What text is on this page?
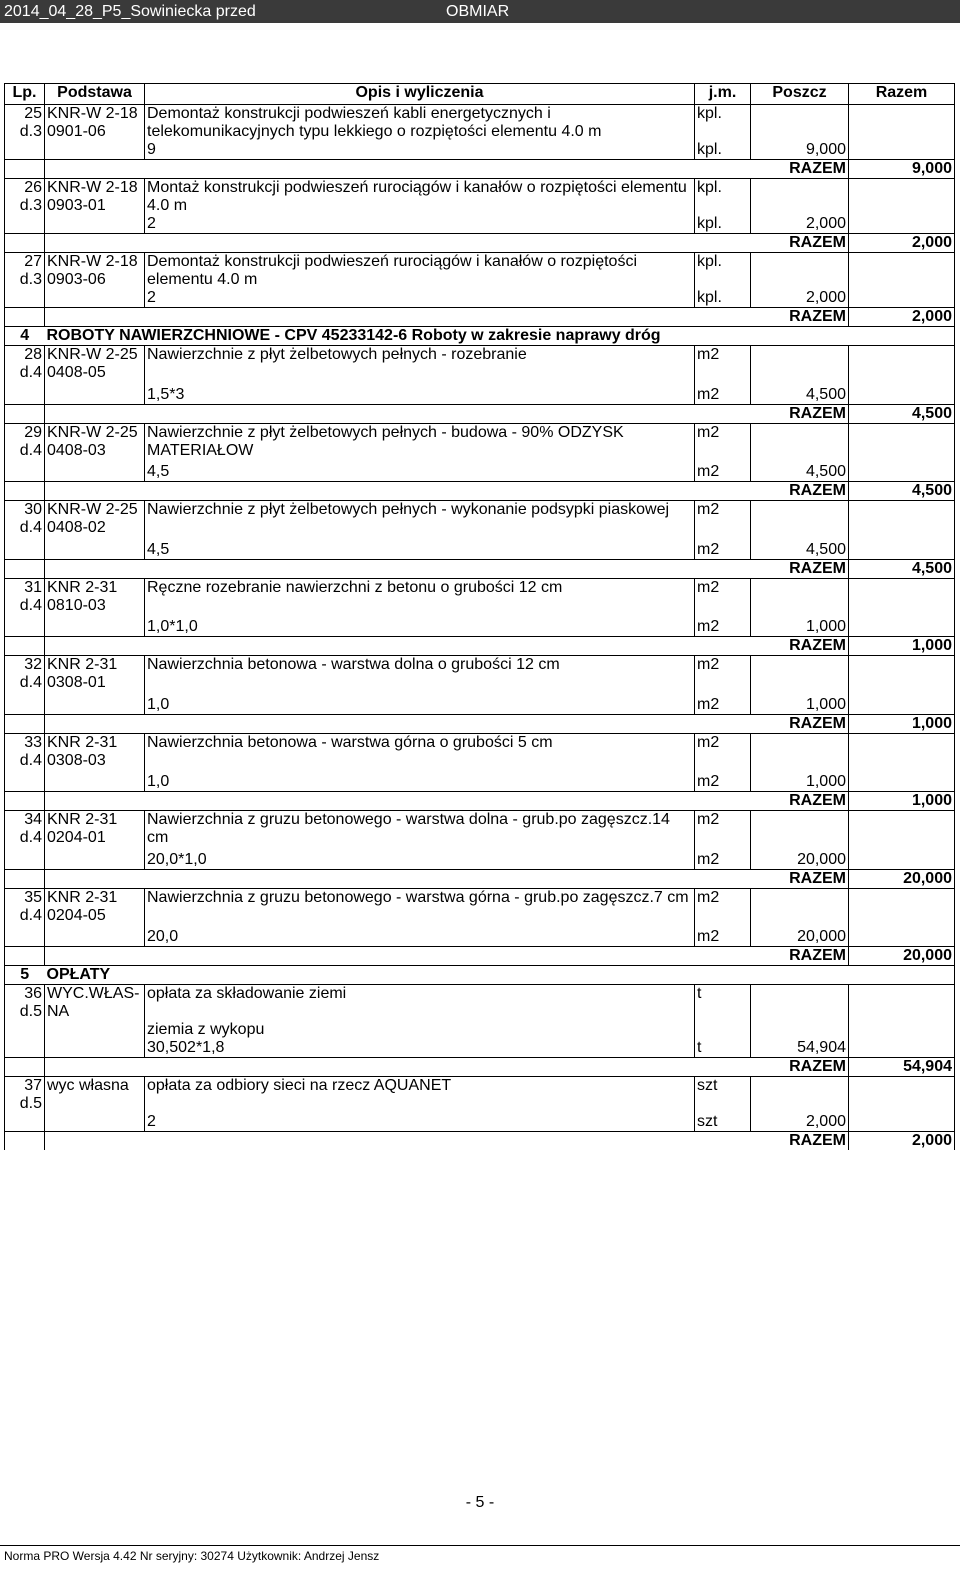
2014_04_28_P5_Sowiniecka przed	OBMIAR
Lp.	Podstawa	Opis i wyliczenia	j.m.	Poszcz	Razem
25	KNR-W 2-18	Demontaż konstrukcji podwieszeń kabli energetycznych i telekomunikacyjnych typu lekkiego o rozpiętości elementu 4.0 m	kpl.		
d.3	0901-06				
		9	kpl.	9,000	
		RAZEM			9,000
26	KNR-W 2-18	Montaż konstrukcji podwieszeń rurociągów i kanałów o rozpiętości elementu 4.0 m	kpl.		
d.3	0903-01				
		2	kpl.	2,000	
		RAZEM			2,000
27	KNR-W 2-18	Demontaż konstrukcji podwieszeń rurociągów i kanałów o rozpiętości elementu 4.0 m	kpl.		
d.3	0903-06				
		2	kpl.	2,000	
		RAZEM			2,000
4	ROBOTY NAWIERZCHNIOWE - CPV 45233142-6 Roboty w zakresie naprawy dróg				
28	KNR-W 2-25	Nawierzchnie z płyt żelbetowych pełnych - rozebranie	m2		
d.4	0408-05				
		1,5*3	m2	4,500	
		RAZEM			4,500
29	KNR-W 2-25	Nawierzchnie z płyt żelbetowych pełnych - budowa - 90% ODZYSK MATERIAŁOW	m2		
d.4	0408-03				
		4,5	m2	4,500	
		RAZEM			4,500
30	KNR-W 2-25	Nawierzchnie z płyt żelbetowych pełnych - wykonanie podsypki piaskowej	m2		
d.4	0408-02				
		4,5	m2	4,500	
		RAZEM			4,500
31	KNR 2-31	Ręczne rozebranie nawierzchni z betonu o grubości 12 cm	m2		
d.4	0810-03				
		1,0*1,0	m2	1,000	
		RAZEM			1,000
32	KNR 2-31	Nawierzchnia betonowa - warstwa dolna o grubości 12 cm	m2		
d.4	0308-01				
		1,0	m2	1,000	
		RAZEM			1,000
33	KNR 2-31	Nawierzchnia betonowa - warstwa górna o grubości 5 cm	m2		
d.4	0308-03				
		1,0	m2	1,000	
		RAZEM			1,000
34	KNR 2-31	Nawierzchnia z gruzu betonowego - warstwa dolna - grub.po zagęszcz.14 cm	m2		
d.4	0204-01				
		20,0*1,0	m2	20,000	
		RAZEM			20,000
35	KNR 2-31	Nawierzchnia z gruzu betonowego - warstwa górna - grub.po zagęszcz.7 cm	m2		
d.4	0204-05				
		20,0	m2	20,000	
		RAZEM			20,000
5	OPŁATY				
36	WYC.WŁAS-	opłata za składowanie ziemi	t		
d.5	NA				
		ziemia z wykopu			
		30,502*1,8	t	54,904	
		RAZEM			54,904
37	wyc własna	opłata za odbiory sieci na rzecz AQUANET	szt		
d.5					
		2	szt	2,000	
		RAZEM			2,000
- 5 -
Norma PRO Wersja 4.42 Nr seryjny: 30274 Użytkownik: Andrzej Jensz
